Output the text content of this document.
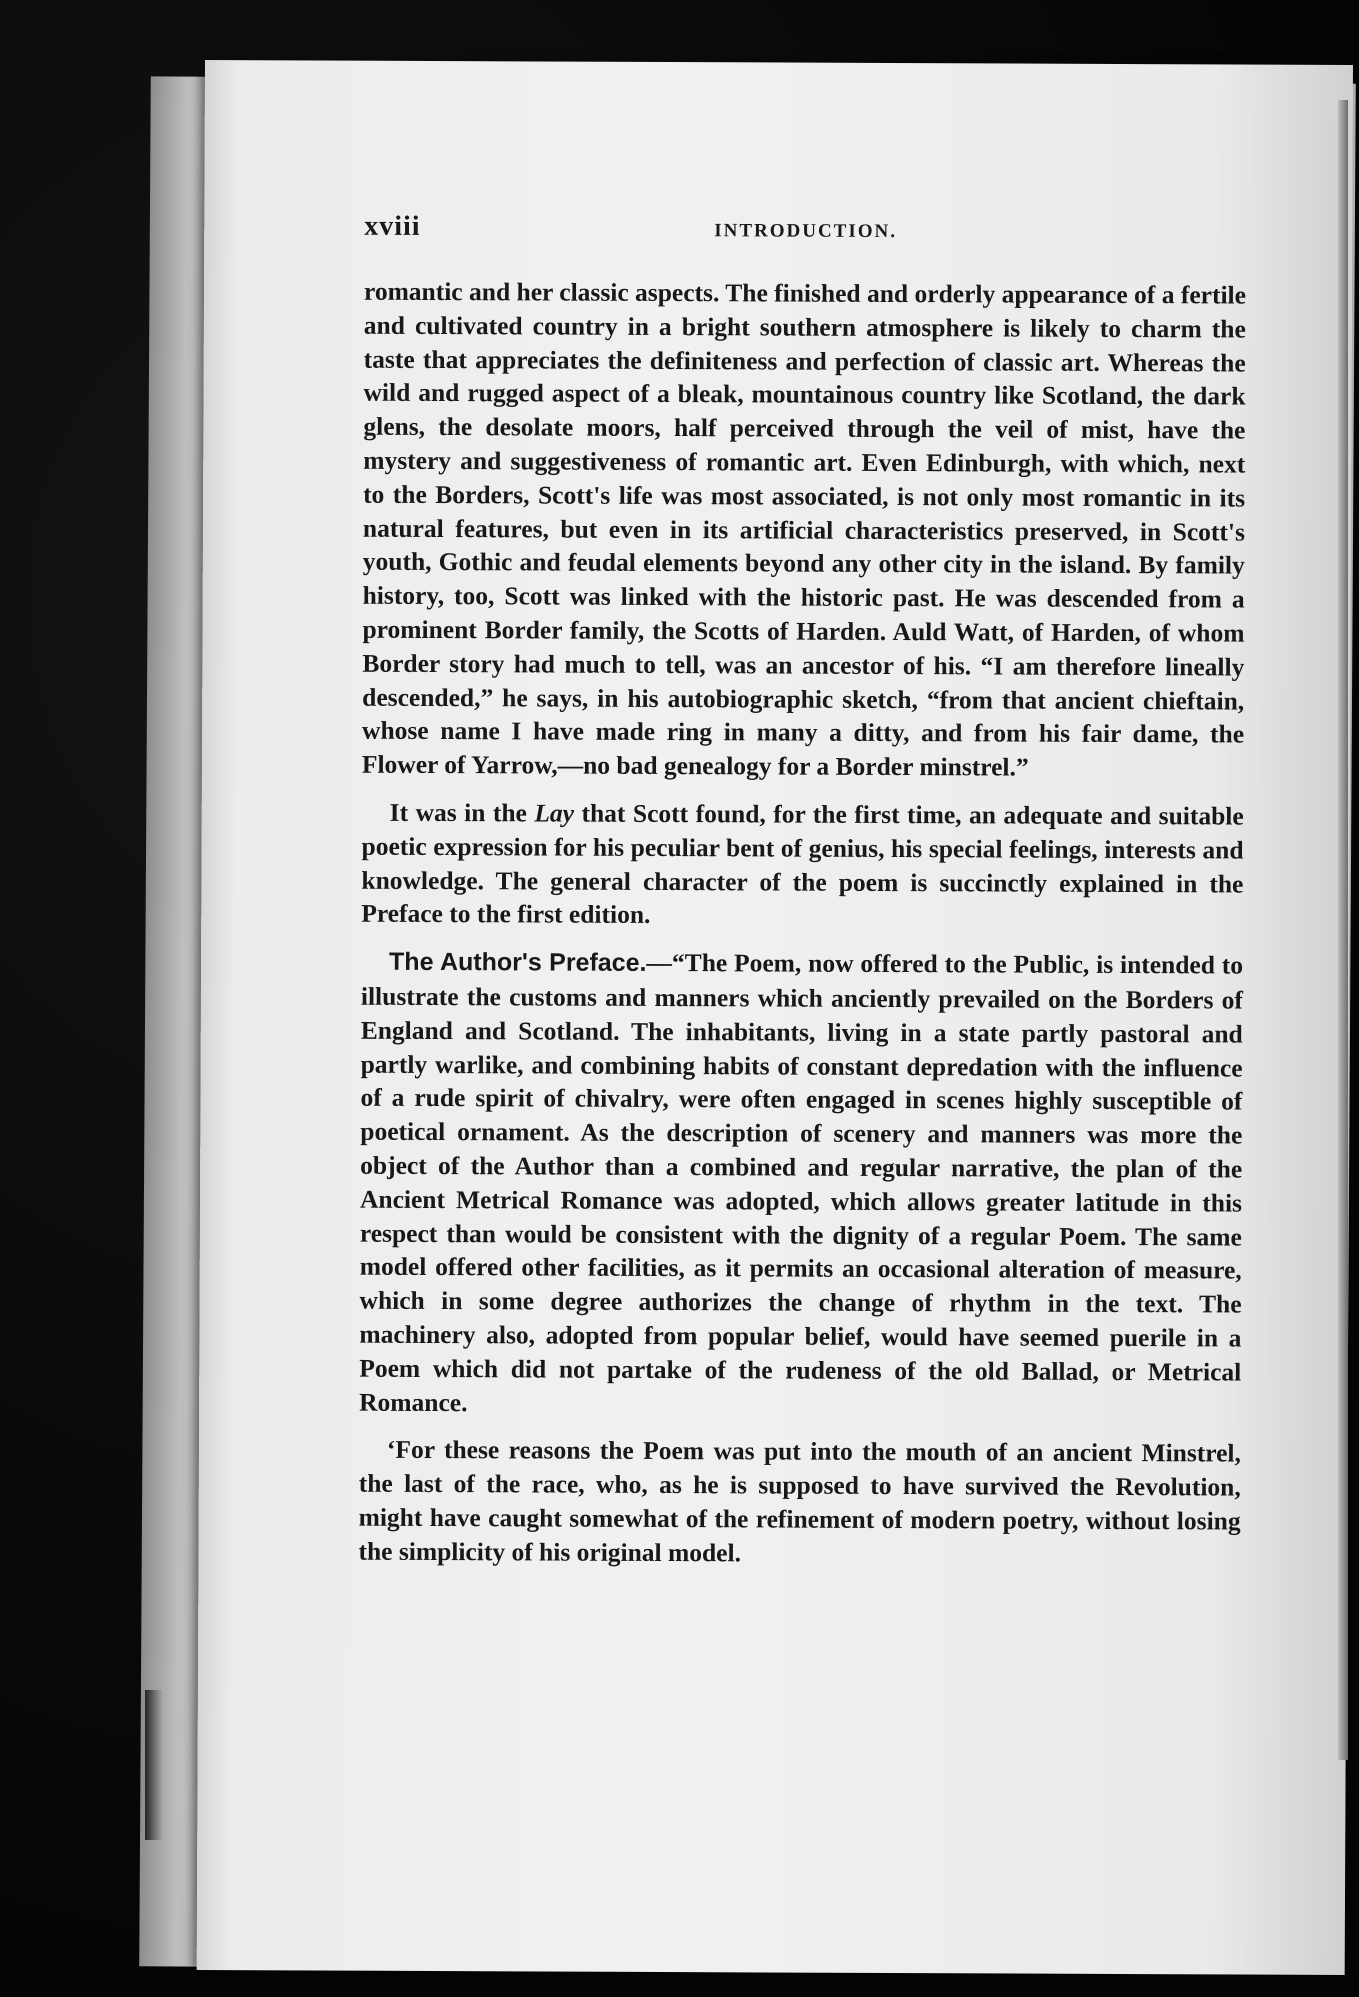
xviii	INTRODUCTION.

romantic and her classic aspects. The finished and orderly appearance of a fertile and cultivated country in a bright southern atmosphere is likely to charm the taste that appreciates the definiteness and perfection of classic art. Whereas the wild and rugged aspect of a bleak, mountainous country like Scotland, the dark glens, the desolate moors, half perceived through the veil of mist, have the mystery and suggestiveness of romantic art. Even Edinburgh, with which, next to the Borders, Scott's life was most associated, is not only most romantic in its natural features, but even in its artificial characteristics preserved, in Scott's youth, Gothic and feudal elements beyond any other city in the island. By family history, too, Scott was linked with the historic past. He was descended from a prominent Border family, the Scotts of Harden. Auld Watt, of Harden, of whom Border story had much to tell, was an ancestor of his. “I am therefore lineally descended,” he says, in his autobiographic sketch, “from that ancient chieftain, whose name I have made ring in many a ditty, and from his fair dame, the Flower of Yarrow,—no bad genealogy for a Border minstrel.”

It was in the Lay that Scott found, for the first time, an adequate and suitable poetic expression for his peculiar bent of genius, his special feelings, interests and knowledge. The general character of the poem is succinctly explained in the Preface to the first edition.

The Author's Preface.—“The Poem, now offered to the Public, is intended to illustrate the customs and manners which anciently prevailed on the Borders of England and Scotland. The inhabitants, living in a state partly pastoral and partly warlike, and combining habits of constant depredation with the influence of a rude spirit of chivalry, were often engaged in scenes highly susceptible of poetical ornament. As the description of scenery and manners was more the object of the Author than a combined and regular narrative, the plan of the Ancient Metrical Romance was adopted, which allows greater latitude in this respect than would be consistent with the dignity of a regular Poem. The same model offered other facilities, as it permits an occasional alteration of measure, which in some degree authorizes the change of rhythm in the text. The machinery also, adopted from popular belief, would have seemed puerile in a Poem which did not partake of the rudeness of the old Ballad, or Metrical Romance.

‘For these reasons the Poem was put into the mouth of an ancient Minstrel, the last of the race, who, as he is supposed to have survived the Revolution, might have caught somewhat of the refinement of modern poetry, without losing the simplicity of his original model.
